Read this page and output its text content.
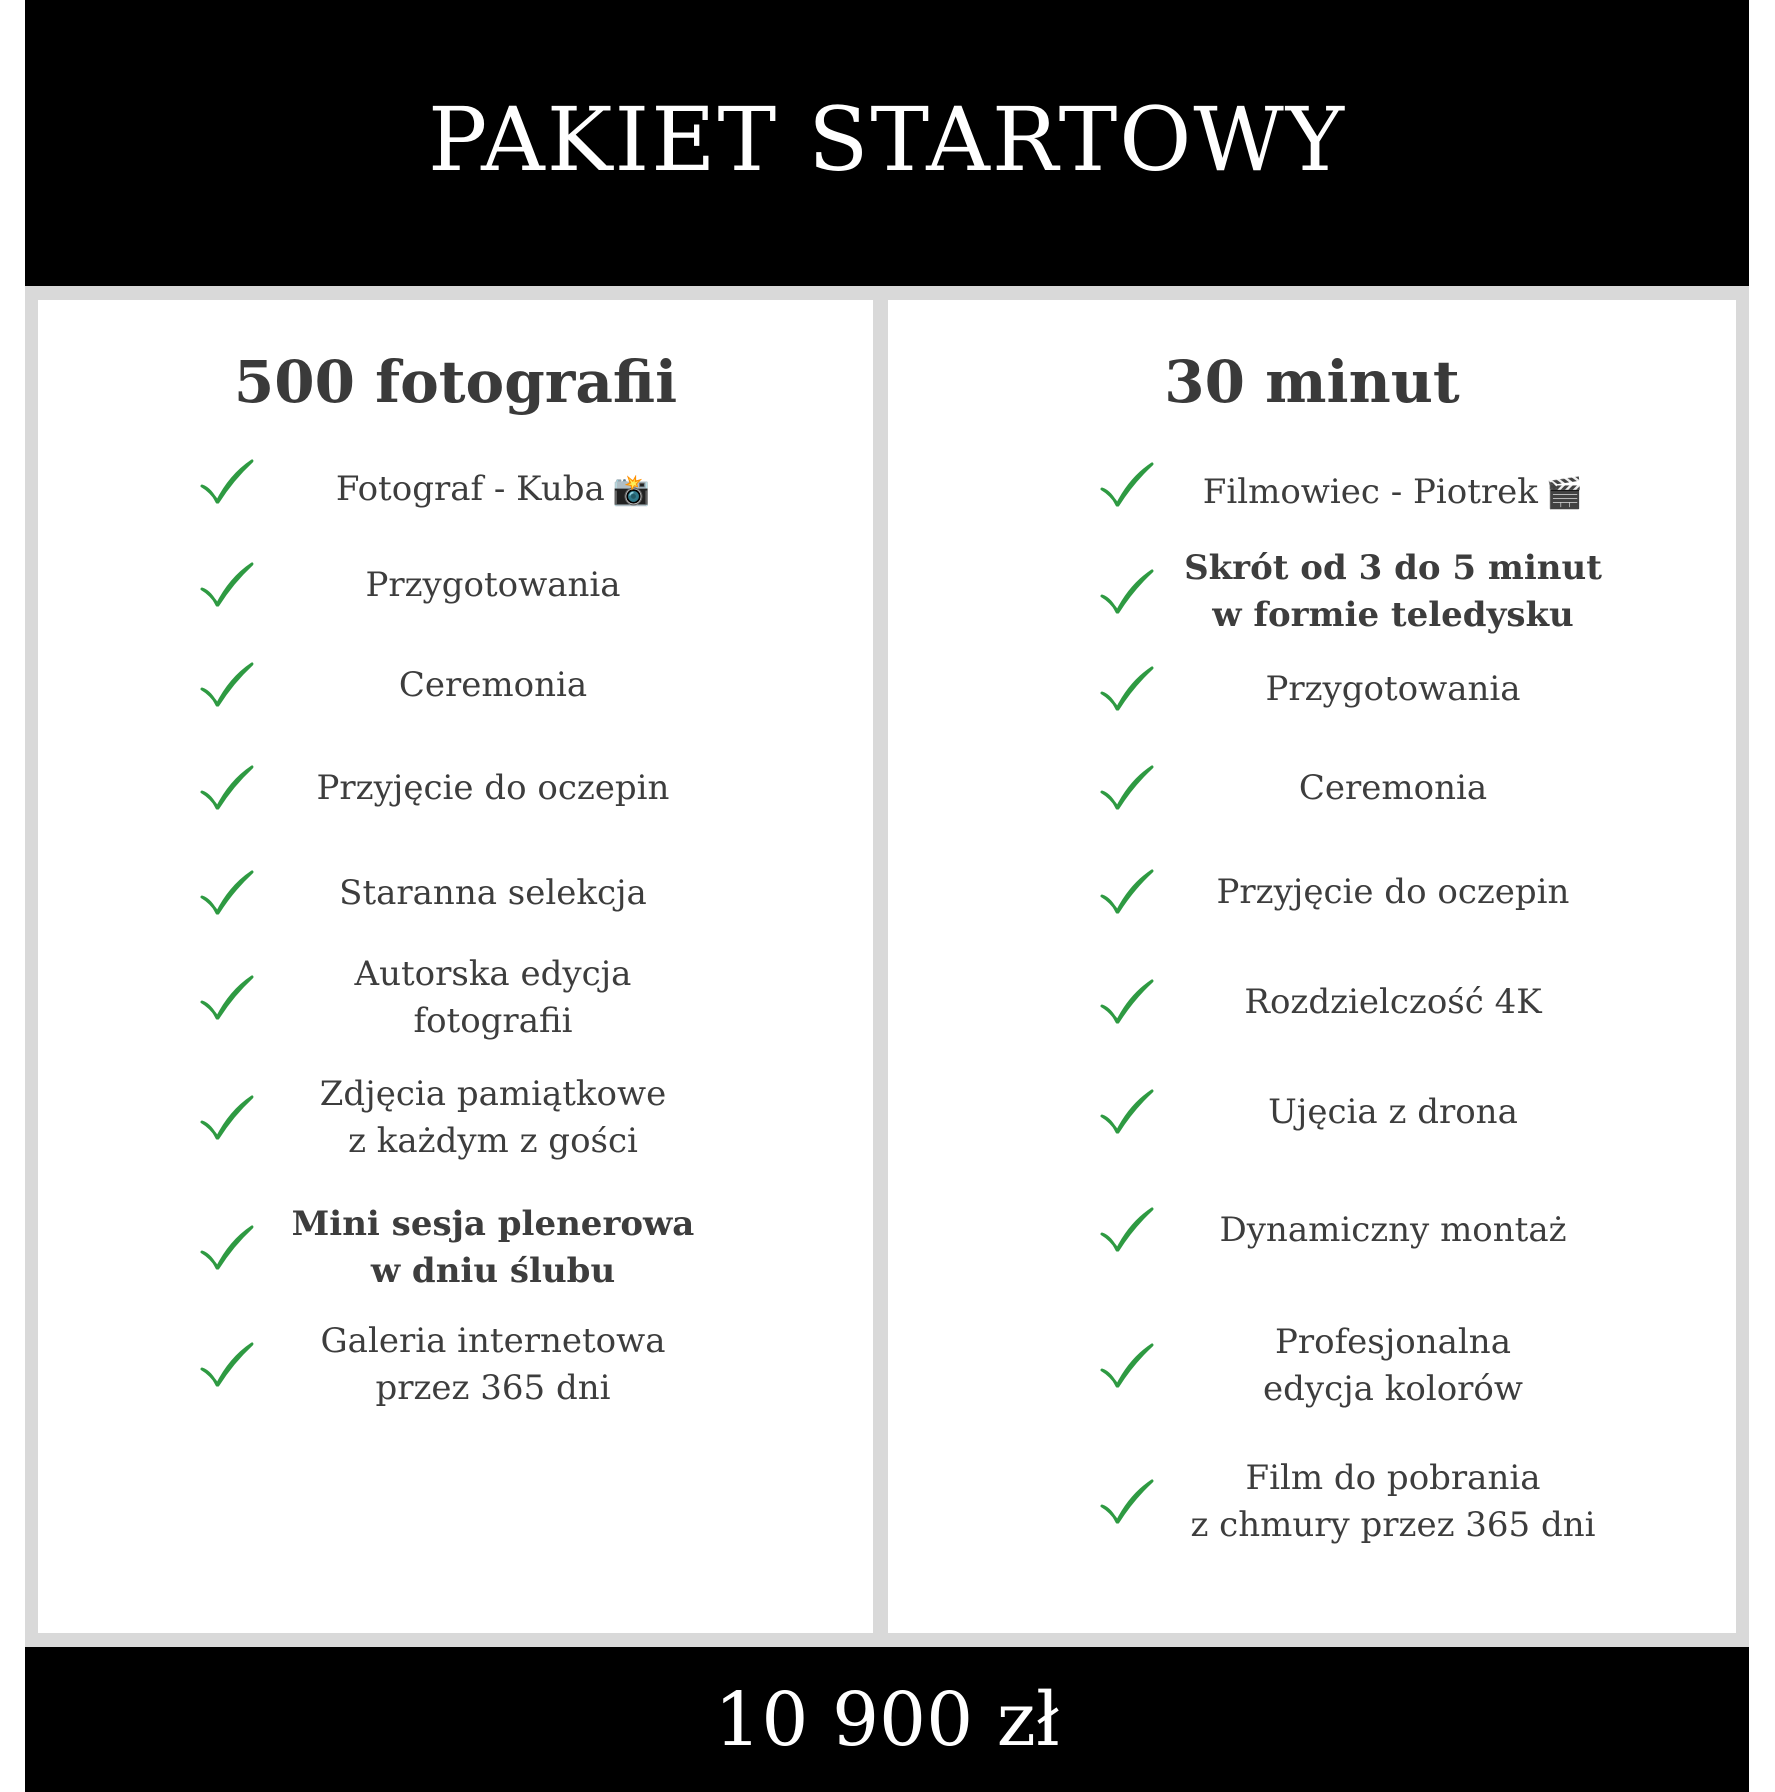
PAKIET STARTOWY
500 fotografii
Fotograf - Kuba 📸
Przygotowania
Ceremonia
Przyjęcie do oczepin
Staranna selekcja
Autorska edycja
fotografii
Zdjęcia pamiątkowe
z każdym z gości
Mini sesja plenerowa
w dniu ślubu
Galeria internetowa
przez 365 dni
30 minut
Filmowiec - Piotrek 🎬
Skrót od 3 do 5 minut
w formie teledysku
Przygotowania
Ceremonia
Przyjęcie do oczepin
Rozdzielczość 4K
Ujęcia z drona
Dynamiczny montaż
Profesjonalna
edycja kolorów
Film do pobrania
z chmury przez 365 dni
10 900 zł
